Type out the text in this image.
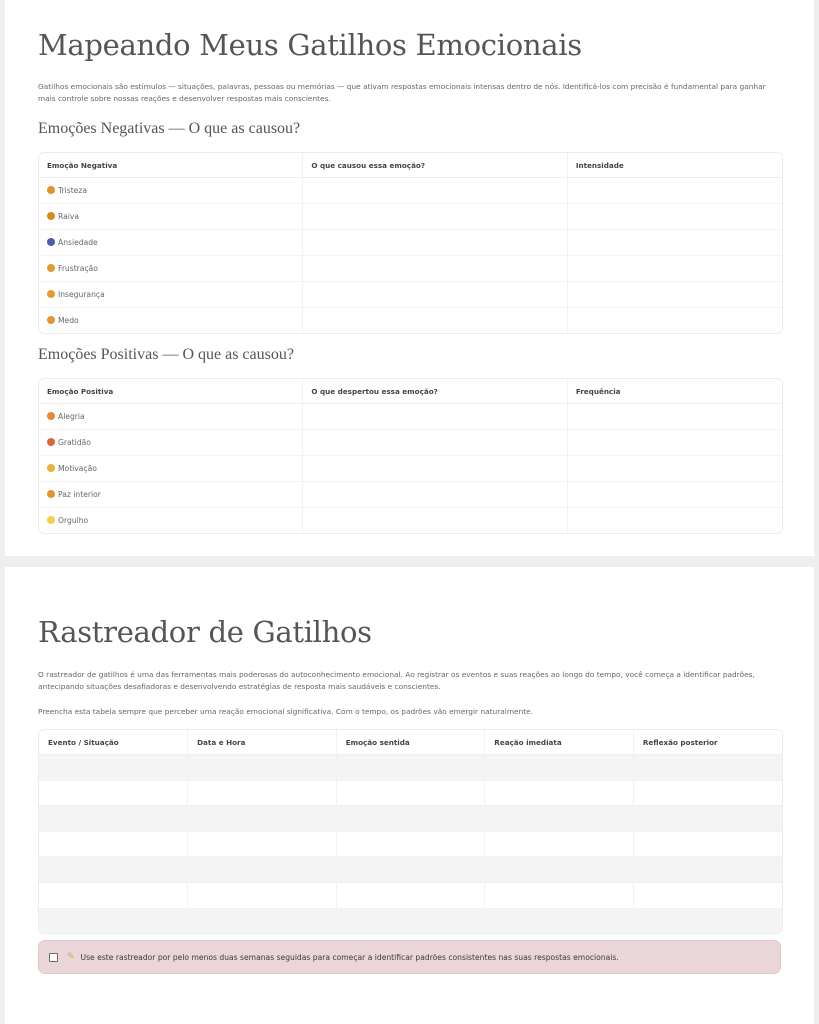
Mapeando Meus Gatilhos Emocionais

Gatilhos emocionais são estímulos — situações, palavras, pessoas ou memórias — que ativam respostas emocionais intensas dentro de nós. Identificá-los com precisão é fundamental para ganhar mais controle sobre nossas reações e desenvolver respostas mais conscientes.

Emoções Negativas — O que as causou?
Emoção Negativa	O que causou essa emoção?	Intensidade
Tristeza		
Raiva		
Ansiedade		
Frustração		
Insegurança		
Medo		
Emoções Positivas — O que as causou?
Emoção Positiva	O que despertou essa emoção?	Frequência
Alegria		
Gratidão		
Motivação		
Paz interior		
Orgulho		
Rastreador de Gatilhos

O rastreador de gatilhos é uma das ferramentas mais poderosas do autoconhecimento emocional. Ao registrar os eventos e suas reações ao longo do tempo, você começa a identificar padrões, antecipando situações desafiadoras e desenvolvendo estratégias de resposta mais saudáveis e conscientes.

Preencha esta tabela sempre que perceber uma reação emocional significativa. Com o tempo, os padrões vão emergir naturalmente.

Evento / Situação	Data e Hora	Emoção sentida	Reação imediata	Reflexão posterior

✎ Use este rastreador por pelo menos duas semanas seguidas para começar a identificar padrões consistentes nas suas respostas emocionais.
